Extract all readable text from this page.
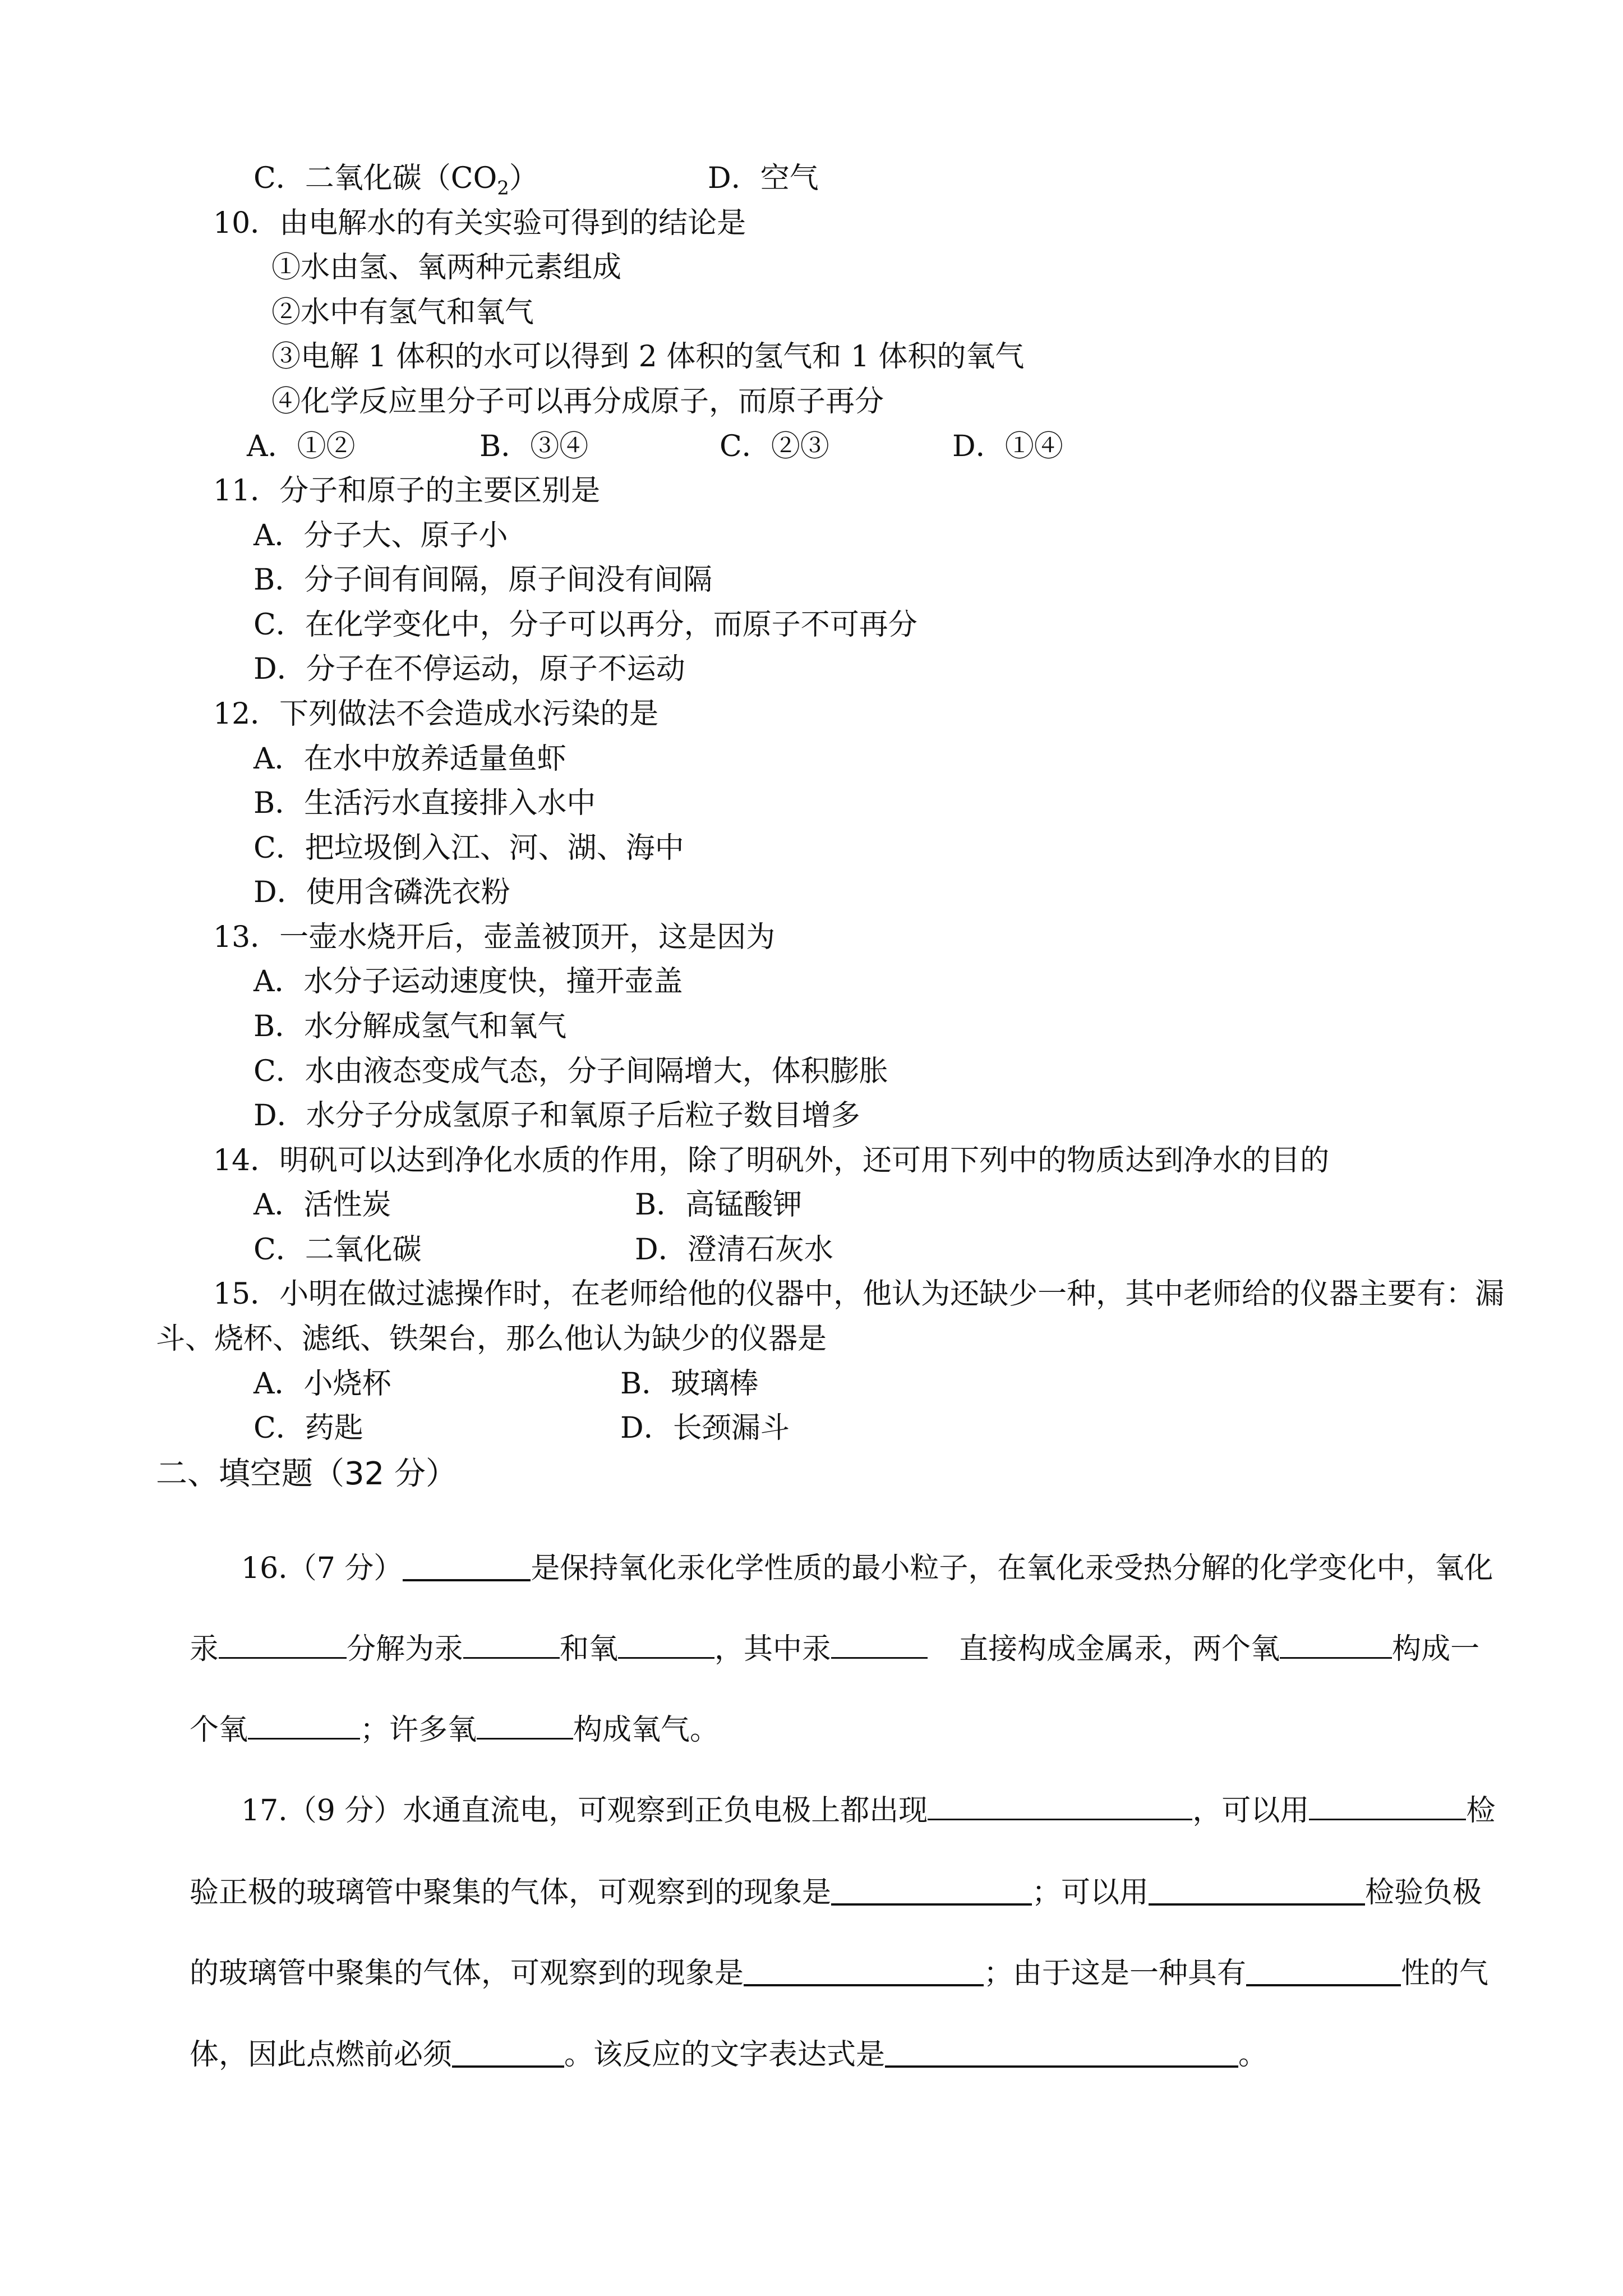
C．二氧化碳$(CO_2)$	D．空气
10．由电解水的有关实验可得到的结论是
①水由氢、氧两种元素组成
②水中有氢气和氧气
③电解 1 体积的水可以得到 2 体积的氢气和 1 体积的氧气
④化学反应里分子可以再分成原子，而原子再分
A．①②	B．③④	C．②③	D．①④
11．分子和原子的主要区别是
A．分子大、原子小
B．分子间有间隔，原子间没有间隔
C．在化学变化中，分子可以再分，而原子不可再分
D．分子在不停运动，原子不运动
12．下列做法不会造成水污染的是
A．在水中放养适量鱼虾
B．生活污水直接排入水中
C．把垃圾倒入江、河、湖、海中
D．使用含磷洗衣粉
13．一壶水烧开后，壶盖被顶开，这是因为
A．水分子运动速度快，撞开壶盖
B．水分解成氢气和氧气
C．水由液态变成气态，分子间隔增大，体积膨胀
D．水分子分成氢原子和氧原子后粒子数目增多
14．明矾可以达到净化水质的作用，除了明矾外，还可用下列中的物质达到净水的目的
A．活性炭	B．高锰酸钾
C．二氧化碳	D．澄清石灰水
15．小明在做过滤操作时，在老师给他的仪器中，他认为还缺少一种，其中老师给的仪器主要有：漏
斗、烧杯、滤纸、铁架台，那么他认为缺少的仪器是
A．小烧杯	B．玻璃棒
C．药匙	D．长颈漏斗
二、填空题（32 分）
16.（7 分）	是保持氧化汞化学性质的最小粒子，在氧化汞受热分解的化学变化中，氧化
汞	分解为汞	和氧	，其中汞	直接构成金属汞，两个氧	构成一
个氧	；许多氧	构成氧气。
17.（9 分）水通直流电，可观察到正负电极上都出现	，可以用	检
验正极的玻璃管中聚集的气体，可观察到的现象是	；可以用	检验负极
的玻璃管中聚集的气体，可观察到的现象是	；由于这是一种具有	性的气
体，因此点燃前必须	。该反应的文字表达式是	。
